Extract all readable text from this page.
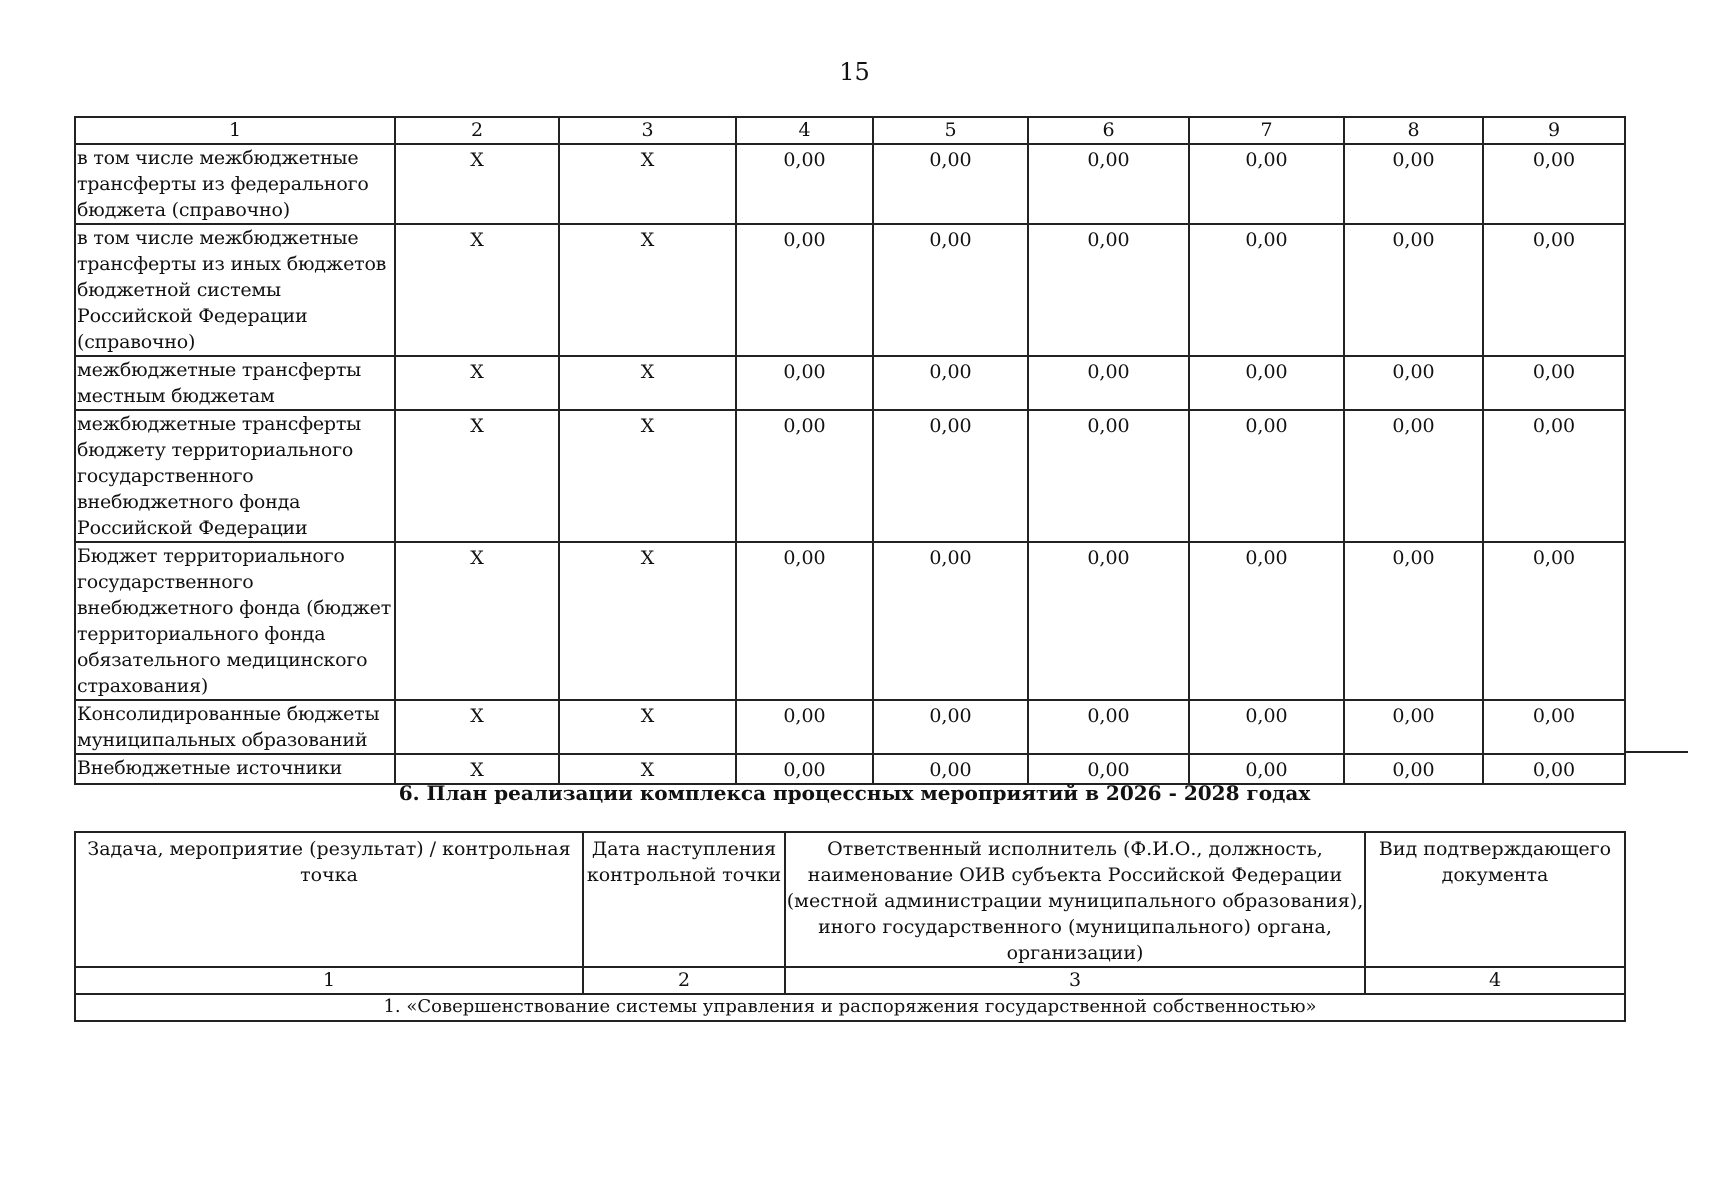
15
1	2	3	4	5	6	7	8	9
в том числе межбюджетные трансферты из федерального бюджета (справочно)	X	X	0,00	0,00	0,00	0,00	0,00	0,00
в том числе межбюджетные трансферты из иных бюджетов бюджетной системы Российской Федерации (справочно)	X	X	0,00	0,00	0,00	0,00	0,00	0,00
межбюджетные трансферты местным бюджетам	X	X	0,00	0,00	0,00	0,00	0,00	0,00
межбюджетные трансферты бюджету территориального государственного внебюджетного фонда Российской Федерации	X	X	0,00	0,00	0,00	0,00	0,00	0,00
Бюджет территориального государственного внебюджетного фонда (бюджет территориального фонда обязательного медицинского страхования)	X	X	0,00	0,00	0,00	0,00	0,00	0,00
Консолидированные бюджеты муниципальных образований	X	X	0,00	0,00	0,00	0,00	0,00	0,00
Внебюджетные источники	X	X	0,00	0,00	0,00	0,00	0,00	0,00
6. План реализации комплекса процессных мероприятий в 2026 - 2028 годах
Задача, мероприятие (результат) / контрольная точка	Дата наступления контрольной точки	Ответственный исполнитель (Ф.И.О., должность, наименование ОИВ субъекта Российской Федерации (местной администрации муниципального образования), иного государственного (муниципального) органа, организации)	Вид подтверждающего документа
1	2	3	4
1. «Совершенствование системы управления и распоряжения государственной собственностью»			
